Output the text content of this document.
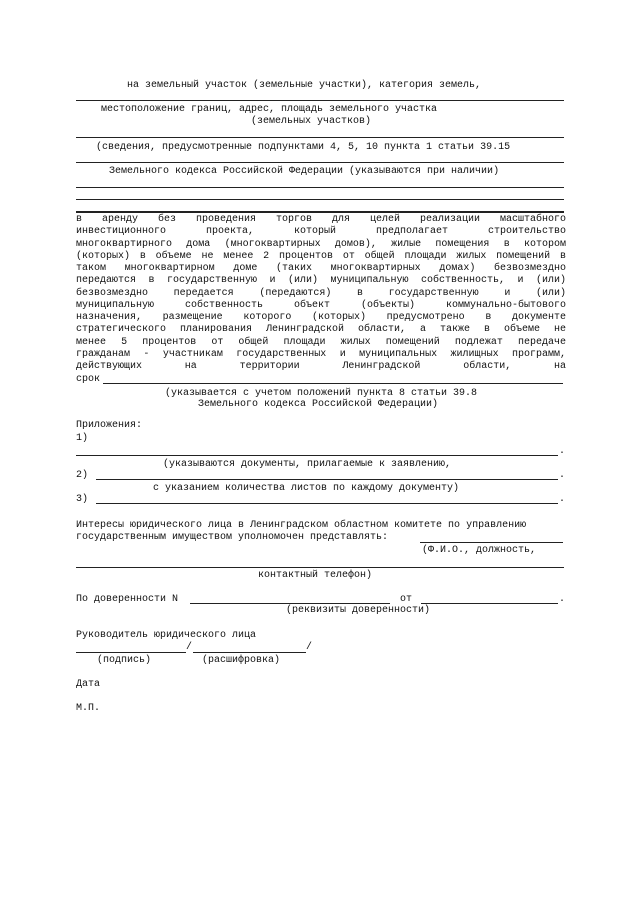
на земельный участок (земельные участки), категория земель,
местоположение границ, адрес, площадь земельного участка
(земельных участков)
(сведения, предусмотренные подпунктами 4, 5, 10 пункта 1 статьи 39.15
Земельного кодекса Российской Федерации (указываются при наличии)
в аренду без проведения торгов для целей реализации масштабного
инвестиционного проекта, который предполагает строительство
многоквартирного дома (многоквартирных домов), жилые помещения в котором
(которых) в объеме не менее 2 процентов от общей площади жилых помещений в
таком многоквартирном доме (таких многоквартирных домах) безвозмездно
передаются в государственную и (или) муниципальную собственность, и (или)
безвозмездно передается (передаются) в государственную и (или)
муниципальную собственность объект (объекты) коммунально-бытового
назначения, размещение которого (которых) предусмотрено в документе
стратегического планирования Ленинградской области, а также в объеме не
менее 5 процентов от общей площади жилых помещений подлежат передаче
гражданам - участникам государственных и муниципальных жилищных программ,
действующих на территории Ленинградской области, на
срок
(указывается с учетом положений пункта 8 статьи 39.8
Земельного кодекса Российской Федерации)
Приложения:
1)
.
(указываются документы, прилагаемые к заявлению,
2)	.
с указанием количества листов по каждому документу)
3)	.
Интересы юридического лица в Ленинградском областном комитете по управлению
государственным имуществом уполномочен представлять:
(Ф.И.О., должность,
контактный телефон)
По доверенности N	от	.
(реквизиты доверенности)
Руководитель юридического лица
/	/
(подпись)	(расшифровка)
Дата
М.П.
